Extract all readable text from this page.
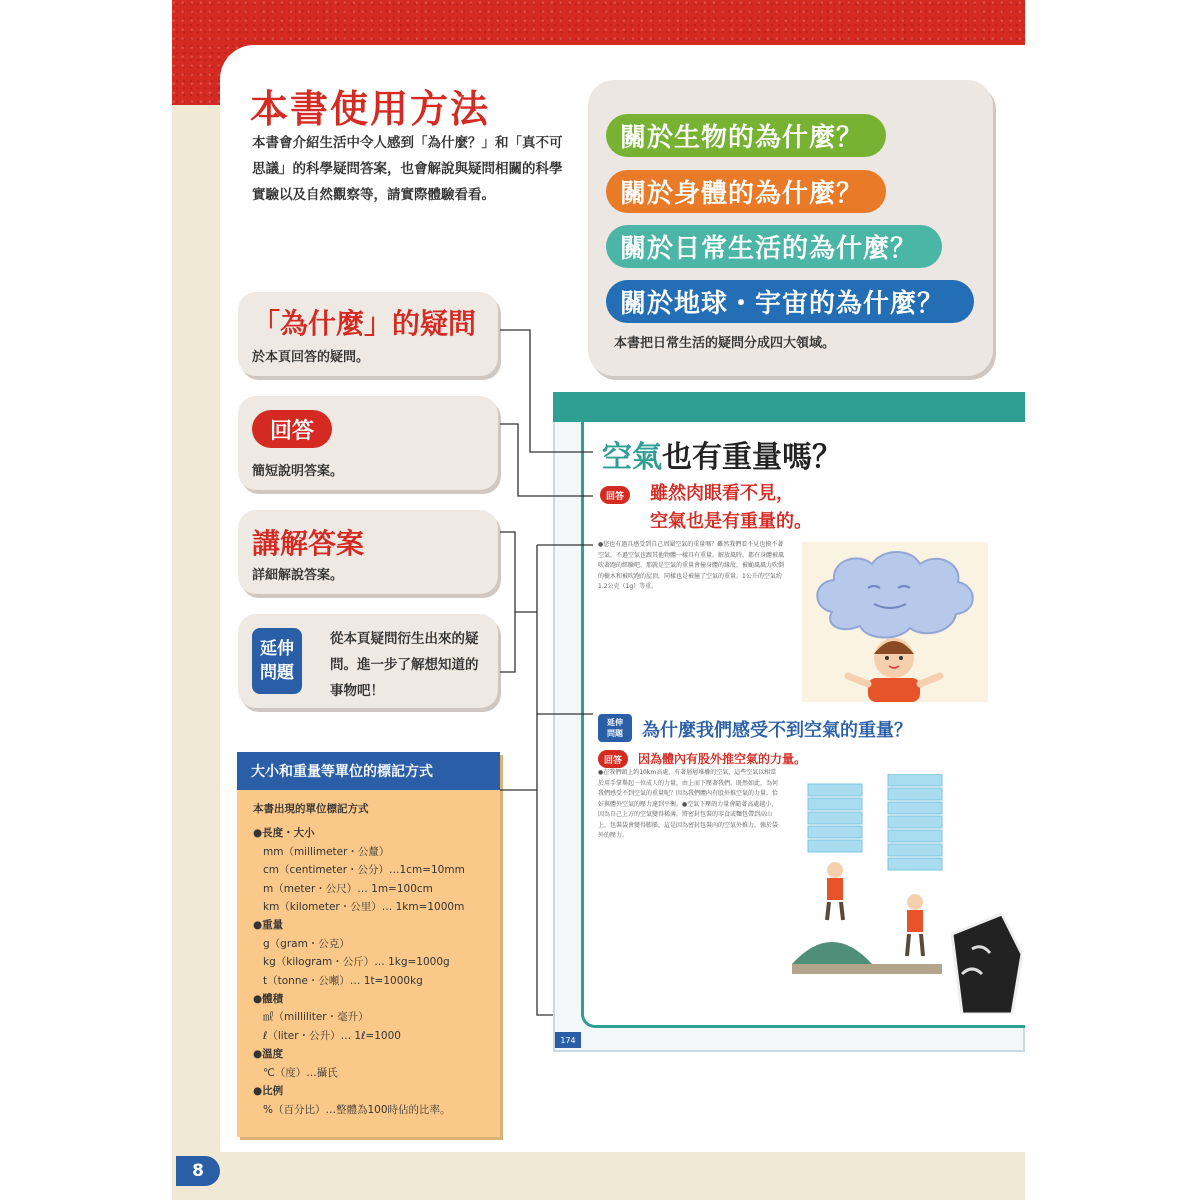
8
本書使用方法
本書會介紹生活中令人感到「為什麼？」和「真不可思議」的科學疑問答案，也會解說與疑問相關的科學實驗以及自然觀察等，請實際體驗看看。
關於生物的為什麼？
關於身體的為什麼？
關於日常生活的為什麼？
關於地球・宇宙的為什麼？
本書把日常生活的疑問分成四大領域。
「為什麼」的疑問
於本頁回答的疑問。
回答
簡短說明答案。
講解答案
詳細解說答案。
延伸
問題
從本頁疑問衍生出來的疑問。進一步了解想知道的事物吧！
大小和重量等單位的標記方式
本書出現的單位標記方式
●長度・大小
mm（millimeter・公釐）
cm（centimeter・公分）…1cm=10mm
m（meter・公尺）… 1m=100cm
km（kilometer・公里）… 1km=1000m
●重量
g（gram・公克）
kg（kilogram・公斤）… 1kg=1000g
t（tonne・公噸）… 1t=1000kg
●體積
㎖（milliliter・毫升）
ℓ（liter・公升）… 1ℓ=1000
●溫度
℃（度）…攝氏
●比例
%（百分比）…整體為100時佔的比率。
空氣也有重量嗎？
回答	雖然肉眼看不見，
空氣也是有重量的。
●您也有過具感受到自己周圍空氣的重量嗎？雖然我們看不見也摸不著空氣，不過空氣也跟其他物體一樣具有重量。解放風時，都有身體被風吹著跑的經驗吧，那就是空氣的重量會撞身體的緣故，被颱風風力吹倒的樹木和被吹跑的屋頂，同樣也是被撞了空氣的重量。1公升的空氣約1.2公克（1g）等重。
延伸
問題 為什麼我們感受不到空氣的重量？
回答	因為體內有股外推空氣的力量。
●在我們頭上約10km高處，有著層層堆疊的空氣，這些空氣以相當於用手掌舉起一位成人的力量，由上而下壓著我們。既然如此，為何我們感受不到空氣的重量呢？因為我們體內有股外推空氣的力量，恰好與體外空氣的壓力達到平衡。●空氣下壓的力量會隨著高處越小，因為自己上方的空氣變得稀薄。將密封包裝的零食或麵包帶到高山上，包裝袋會變得膨脹，這是因為密封包裝內的空氣外推力，強於袋外的壓力。
174
